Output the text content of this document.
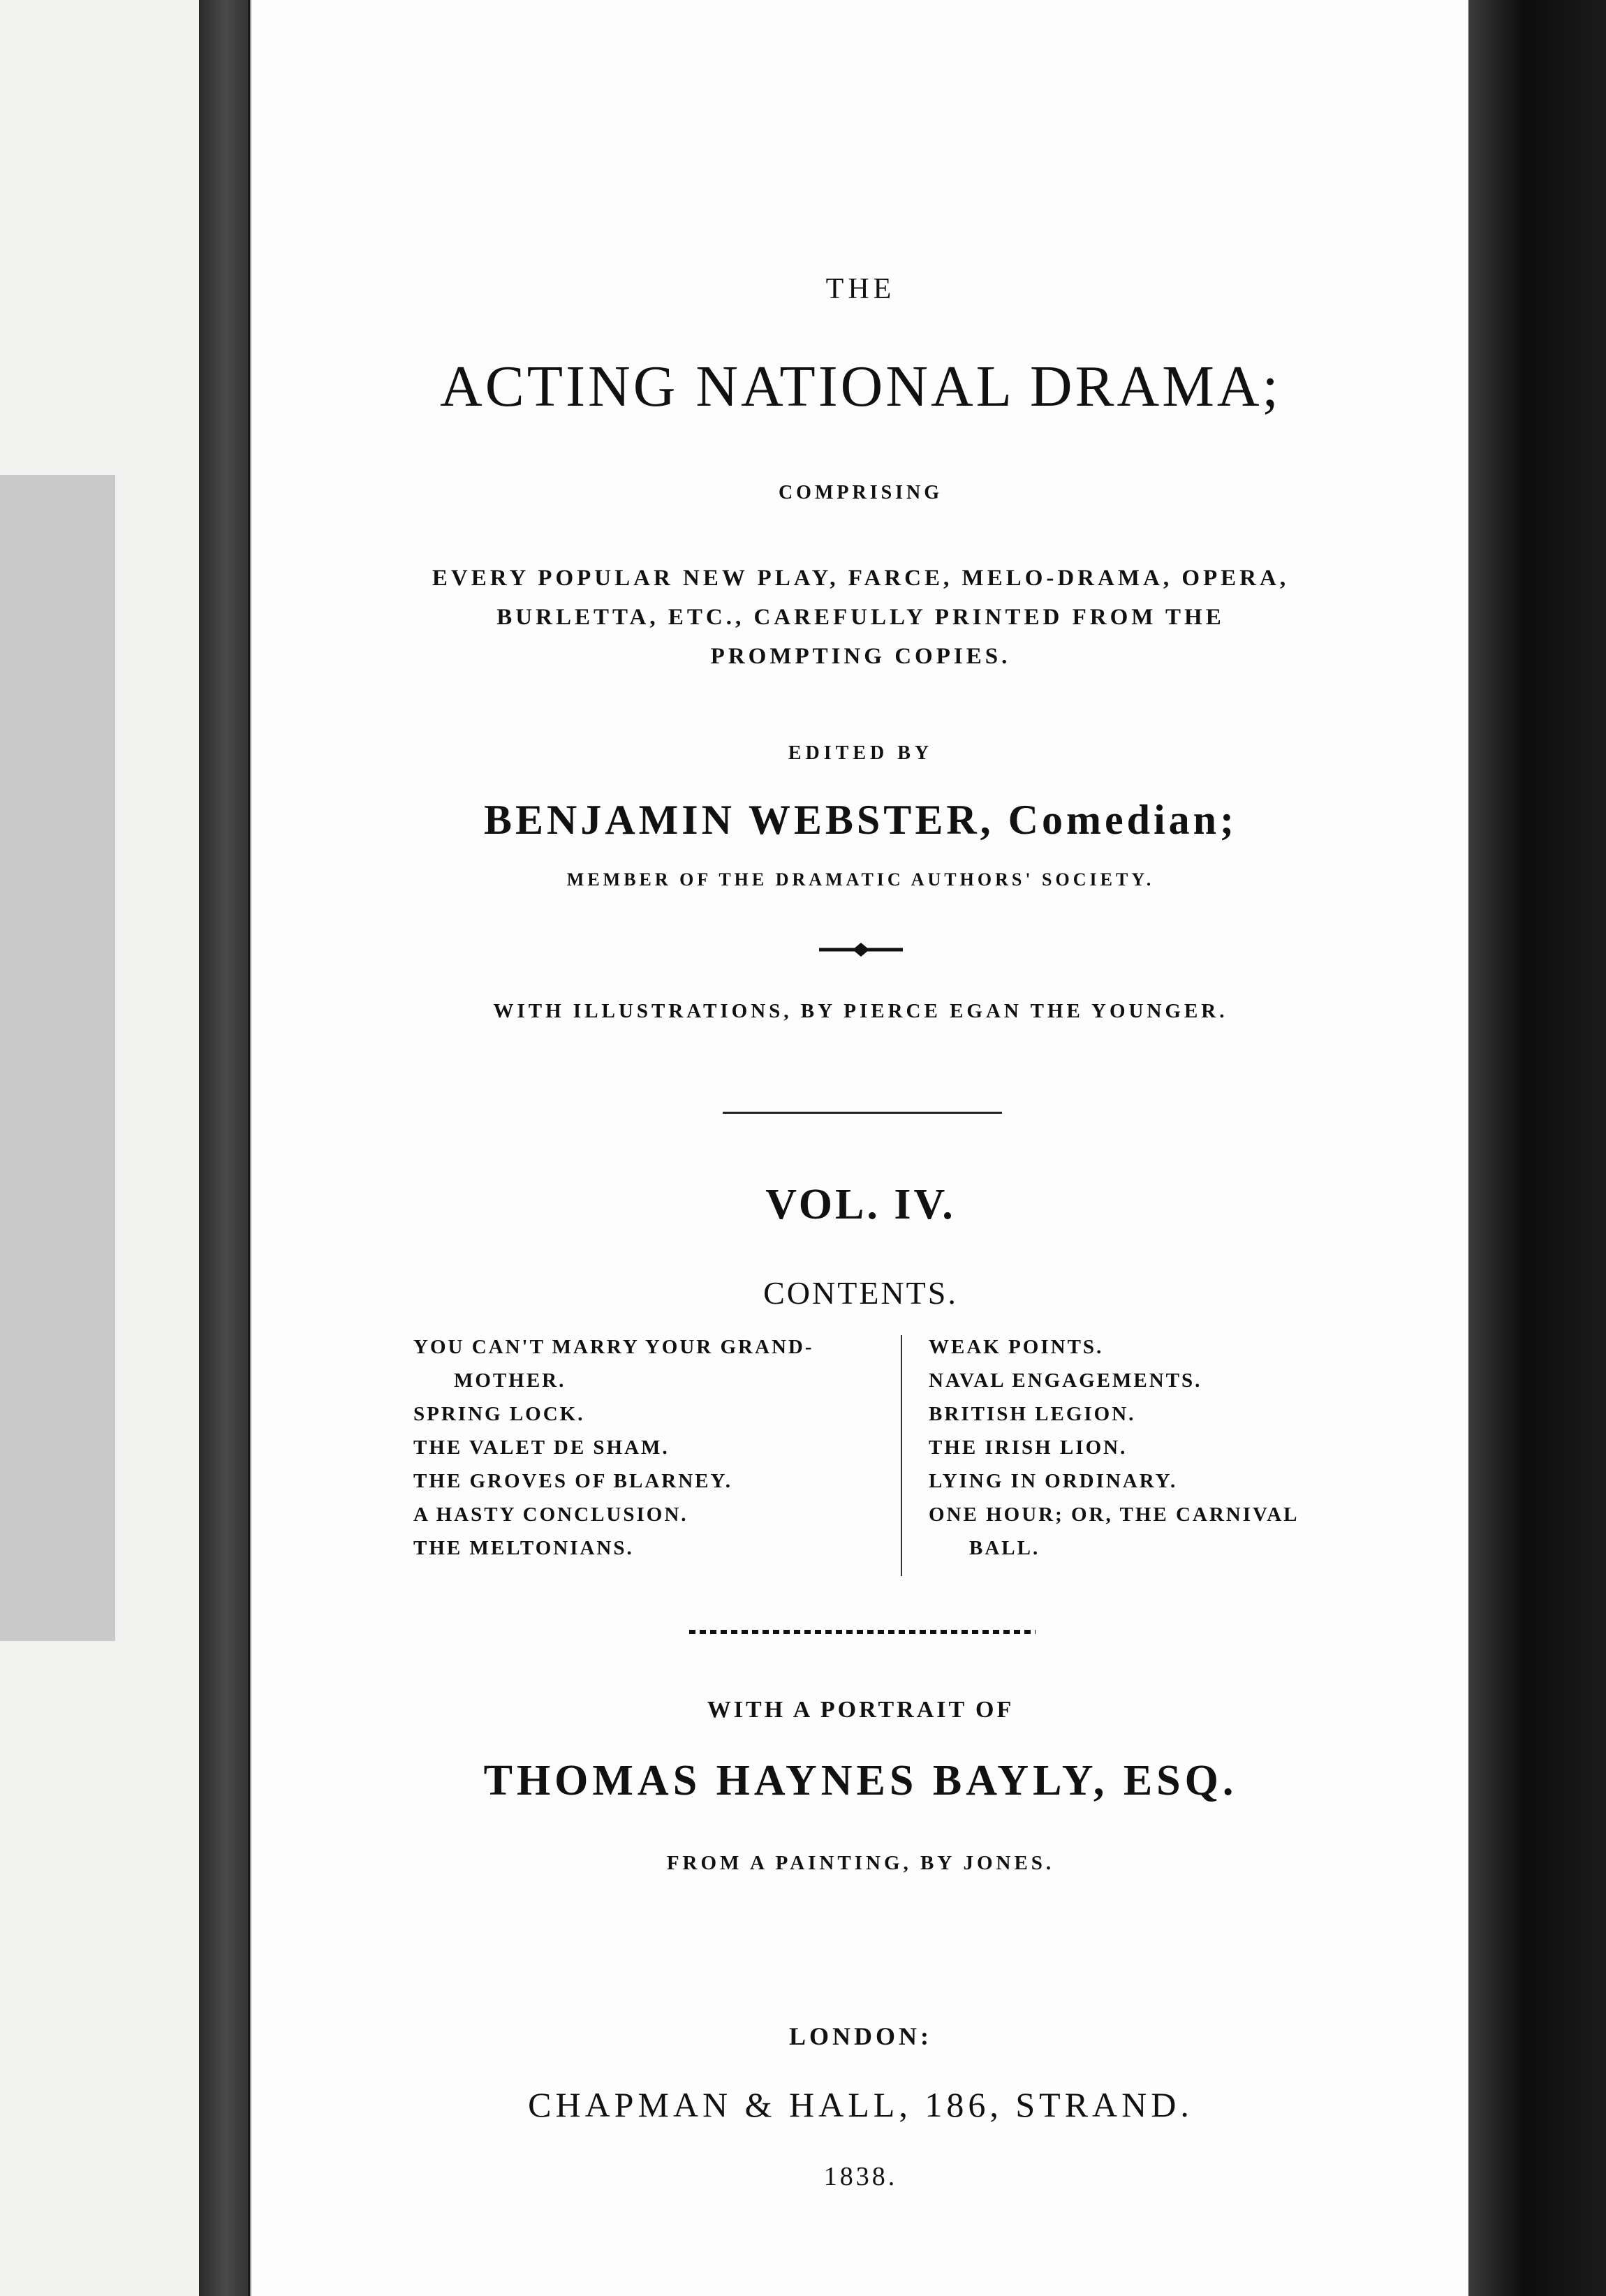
THE
ACTING NATIONAL DRAMA;
COMPRISING
EVERY POPULAR NEW PLAY, FARCE, MELO-DRAMA, OPERA,
BURLETTA, ETC., CAREFULLY PRINTED FROM THE
PROMPTING COPIES.
EDITED BY
BENJAMIN WEBSTER, Comedian;
MEMBER OF THE DRAMATIC AUTHORS' SOCIETY.
WITH ILLUSTRATIONS, BY PIERCE EGAN THE YOUNGER.
VOL. IV.
CONTENTS.
YOU CAN'T MARRY YOUR GRAND-
MOTHER.
SPRING LOCK.
THE VALET DE SHAM.
THE GROVES OF BLARNEY.
A HASTY CONCLUSION.
THE MELTONIANS.
WEAK POINTS.
NAVAL ENGAGEMENTS.
BRITISH LEGION.
THE IRISH LION.
LYING IN ORDINARY.
ONE HOUR; OR, THE CARNIVAL
BALL.
WITH A PORTRAIT OF
THOMAS HAYNES BAYLY, ESQ.
FROM A PAINTING, BY JONES.
LONDON:
CHAPMAN & HALL, 186, STRAND.
1838.
